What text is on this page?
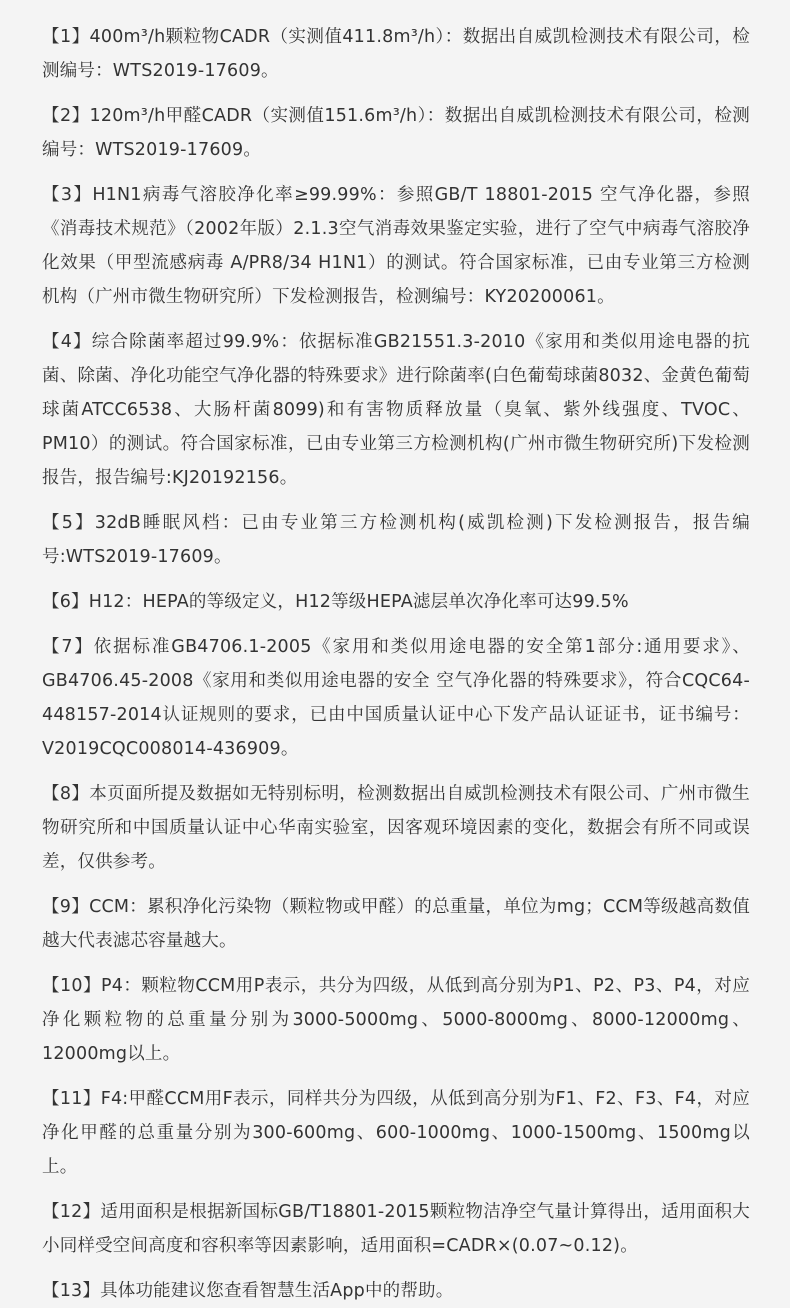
【1】400m³/h颗粒物CADR（实测值411.8m³/h）：数据出自威凯检测技术有限公司，检测编号：WTS2019-17609。

【2】120m³/h甲醛CADR（实测值151.6m³/h）：数据出自威凯检测技术有限公司，检测编号：WTS2019-17609。

【3】H1N1病毒气溶胶净化率≥99.99%：参照GB/T 18801-2015 空气净化器，参照《消毒技术规范》（2002年版）2.1.3空气消毒效果鉴定实验，进行了空气中病毒气溶胶净化效果（甲型流感病毒 A/PR8/34 H1N1）的测试。符合国家标准，已由专业第三方检测机构（广州市微生物研究所）下发检测报告，检测编号：KY20200061。

【4】综合除菌率超过99.9%：依据标准GB21551.3-2010《家用和类似用途电器的抗菌、除菌、净化功能空气净化器的特殊要求》进行除菌率(白色葡萄球菌8032、金黄色葡萄球菌ATCC6538、大肠杆菌8099)和有害物质释放量（臭氧、紫外线强度、TVOC、PM10）的测试。符合国家标准，已由专业第三方检测机构(广州市微生物研究所)下发检测报告，报告编号:KJ20192156。

【5】32dB睡眠风档：已由专业第三方检测机构(威凯检测)下发检测报告，报告编号:WTS2019-17609。

【6】H12：HEPA的等级定义，H12等级HEPA滤层单次净化率可达99.5%

【7】依据标准GB4706.1-2005《家用和类似用途电器的安全第1部分:通用要求》、GB4706.45-2008《家用和类似用途电器的安全 空气净化器的特殊要求》，符合CQC64-448157-2014认证规则的要求，已由中国质量认证中心下发产品认证证书，证书编号：V2019CQC008014-436909。

【8】本页面所提及数据如无特别标明，检测数据出自威凯检测技术有限公司、广州市微生物研究所和中国质量认证中心华南实验室，因客观环境因素的变化，数据会有所不同或误差，仅供参考。

【9】CCM：累积净化污染物（颗粒物或甲醛）的总重量，单位为mg；CCM等级越高数值越大代表滤芯容量越大。

【10】P4：颗粒物CCM用P表示，共分为四级，从低到高分别为P1、P2、P3、P4，对应净化颗粒物的总重量分别为3000-5000mg、5000-8000mg、8000-12000mg、12000mg以上。

【11】F4:甲醛CCM用F表示，同样共分为四级，从低到高分别为F1、F2、F3、F4，对应净化甲醛的总重量分别为300-600mg、600-1000mg、1000-1500mg、1500mg以上。

【12】适用面积是根据新国标GB/T18801-2015颗粒物洁净空气量计算得出，适用面积大小同样受空间高度和容积率等因素影响，适用面积=CADR×(0.07~0.12)。

【13】具体功能建议您查看智慧生活App中的帮助。
